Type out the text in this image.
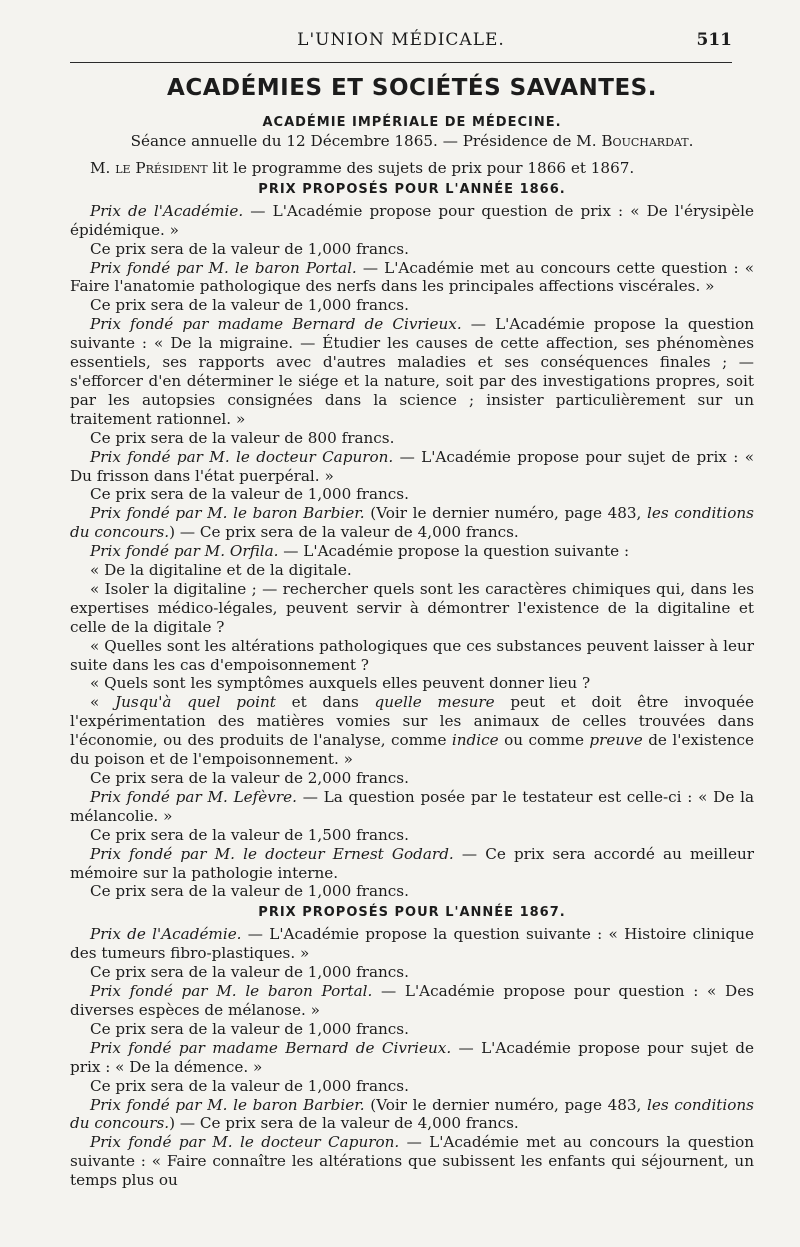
L'UNION MÉDICALE.	511
ACADÉMIES ET SOCIÉTÉS SAVANTES.
ACADÉMIE IMPÉRIALE DE MÉDECINE.
Séance annuelle du 12 Décembre 1865. — Présidence de M. Bouchardat.

M. le Président lit le programme des sujets de prix pour 1866 et 1867.

PRIX PROPOSÉS POUR L'ANNÉE 1866.

Prix de l'Académie. — L'Académie propose pour question de prix : « De l'érysipèle épidémique. »

Ce prix sera de la valeur de 1,000 francs.

Prix fondé par M. le baron Portal. — L'Académie met au concours cette question : « Faire l'anatomie pathologique des nerfs dans les principales affections viscérales. »

Ce prix sera de la valeur de 1,000 francs.

Prix fondé par madame Bernard de Civrieux. — L'Académie propose la question suivante : « De la migraine. — Étudier les causes de cette affection, ses phénomènes essentiels, ses rapports avec d'autres maladies et ses conséquences finales ; — s'efforcer d'en déterminer le siége et la nature, soit par des investigations propres, soit par les autopsies consignées dans la science ; insister particulièrement sur un traitement rationnel. »

Ce prix sera de la valeur de 800 francs.

Prix fondé par M. le docteur Capuron. — L'Académie propose pour sujet de prix : « Du frisson dans l'état puerpéral. »

Ce prix sera de la valeur de 1,000 francs.

Prix fondé par M. le baron Barbier. (Voir le dernier numéro, page 483, les conditions du concours.) — Ce prix sera de la valeur de 4,000 francs.

Prix fondé par M. Orfila. — L'Académie propose la question suivante :

« De la digitaline et de la digitale.

« Isoler la digitaline ; — rechercher quels sont les caractères chimiques qui, dans les expertises médico-légales, peuvent servir à démontrer l'existence de la digitaline et celle de la digitale ?

« Quelles sont les altérations pathologiques que ces substances peuvent laisser à leur suite dans les cas d'empoisonnement ?

« Quels sont les symptômes auxquels elles peuvent donner lieu ?

« Jusqu'à quel point et dans quelle mesure peut et doit être invoquée l'expérimentation des matières vomies sur les animaux de celles trouvées dans l'économie, ou des produits de l'analyse, comme indice ou comme preuve de l'existence du poison et de l'empoisonnement. »

Ce prix sera de la valeur de 2,000 francs.

Prix fondé par M. Lefèvre. — La question posée par le testateur est celle-ci : « De la mélancolie. »

Ce prix sera de la valeur de 1,500 francs.

Prix fondé par M. le docteur Ernest Godard. — Ce prix sera accordé au meilleur mémoire sur la pathologie interne.

Ce prix sera de la valeur de 1,000 francs.

PRIX PROPOSÉS POUR L'ANNÉE 1867.

Prix de l'Académie. — L'Académie propose la question suivante : « Histoire clinique des tumeurs fibro-plastiques. »

Ce prix sera de la valeur de 1,000 francs.

Prix fondé par M. le baron Portal. — L'Académie propose pour question : « Des diverses espèces de mélanose. »

Ce prix sera de la valeur de 1,000 francs.

Prix fondé par madame Bernard de Civrieux. — L'Académie propose pour sujet de prix : « De la démence. »

Ce prix sera de la valeur de 1,000 francs.

Prix fondé par M. le baron Barbier. (Voir le dernier numéro, page 483, les conditions du concours.) — Ce prix sera de la valeur de 4,000 francs.

Prix fondé par M. le docteur Capuron. — L'Académie met au concours la question suivante : « Faire connaître les altérations que subissent les enfants qui séjournent, un temps plus ou
